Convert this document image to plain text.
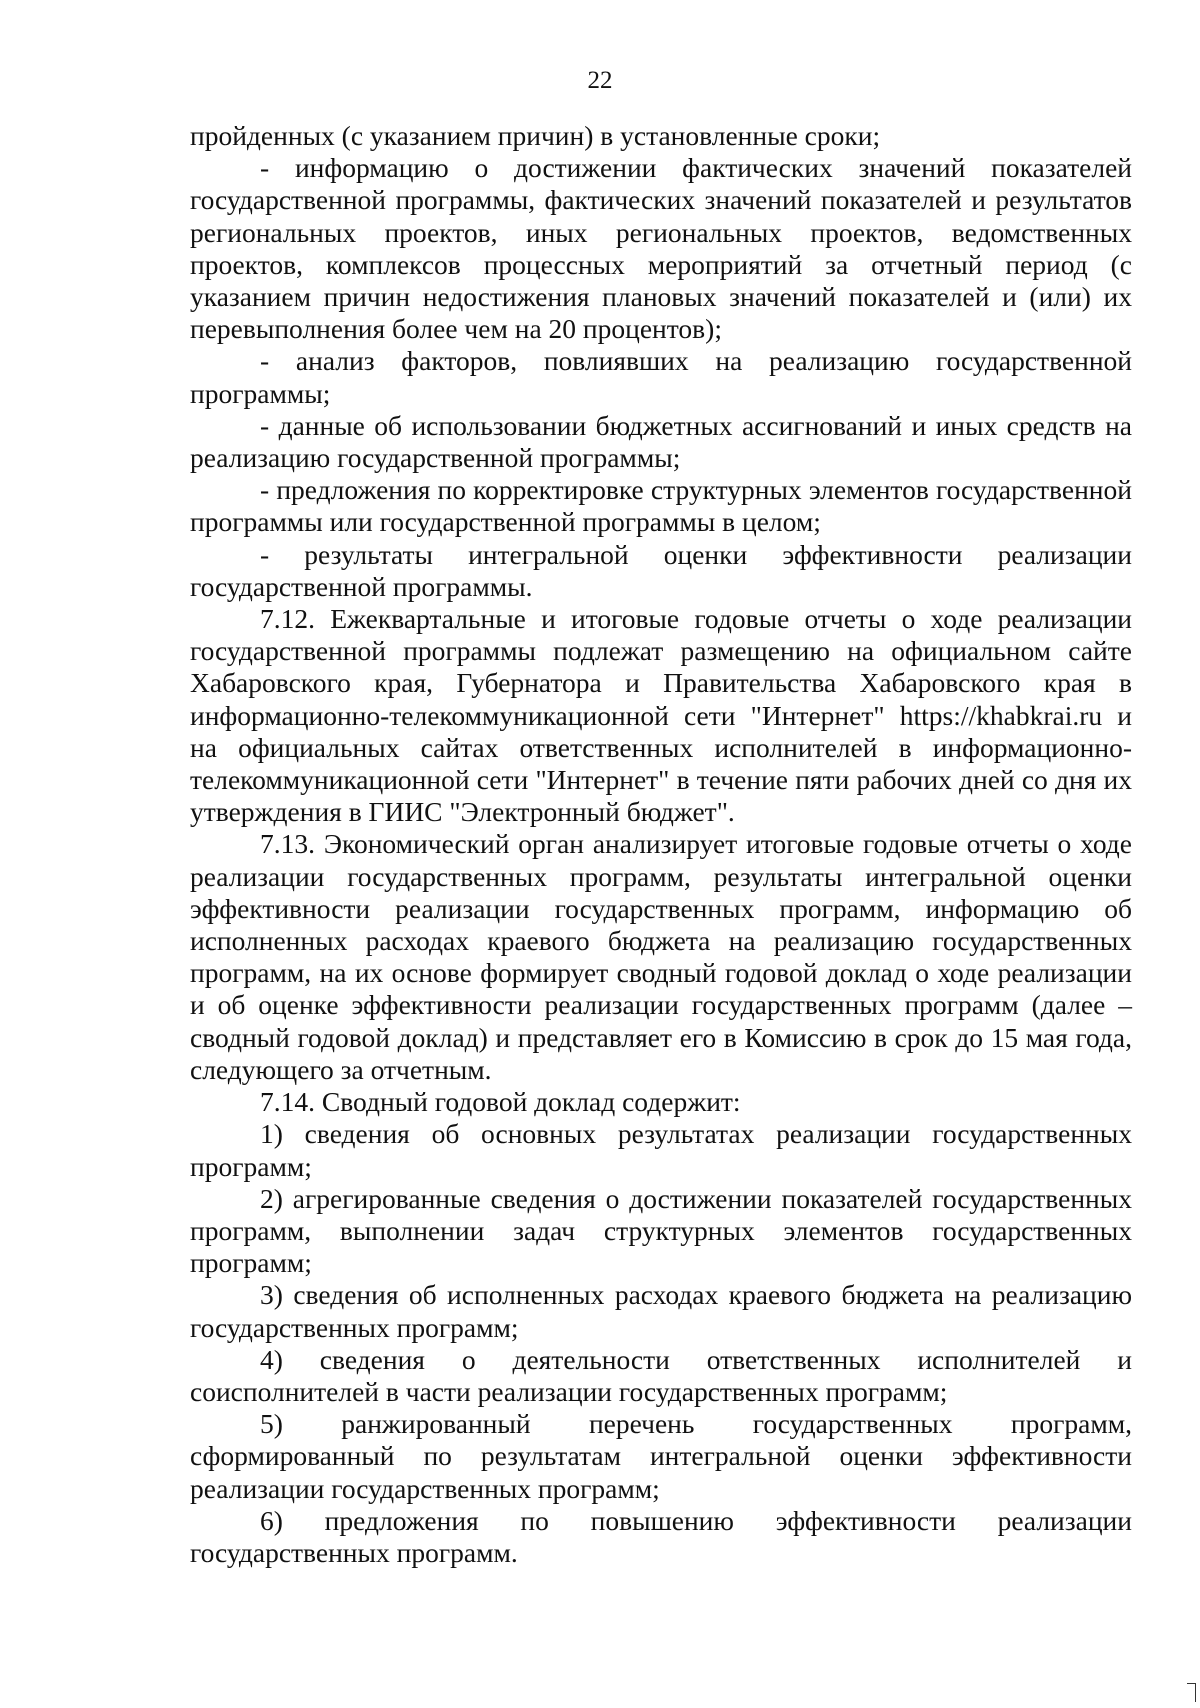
22

пройденных (с указанием причин) в установленные сроки;

- информацию о достижении фактических значений показателей государственной программы, фактических значений показателей и результатов региональных проектов, иных региональных проектов, ведомственных проектов, комплексов процессных мероприятий за отчетный период (с указанием причин недостижения плановых значений показателей и (или) их перевыполнения более чем на 20 процентов);

- анализ факторов, повлиявших на реализацию государственной программы;

- данные об использовании бюджетных ассигнований и иных средств на реализацию государственной программы;

- предложения по корректировке структурных элементов государственной программы или государственной программы в целом;

- результаты интегральной оценки эффективности реализации государственной программы.

7.12. Ежеквартальные и итоговые годовые отчеты о ходе реализации государственной программы подлежат размещению на официальном сайте Хабаровского края, Губернатора и Правительства Хабаровского края в информационно-телекоммуникационной сети "Интернет" https://khabkrai.ru и на официальных сайтах ответственных исполнителей в информационно-телекоммуникационной сети "Интернет" в течение пяти рабочих дней со дня их утверждения в ГИИС "Электронный бюджет".

7.13. Экономический орган анализирует итоговые годовые отчеты о ходе реализации государственных программ, результаты интегральной оценки эффективности реализации государственных программ, информацию об исполненных расходах краевого бюджета на реализацию государственных программ, на их основе формирует сводный годовой доклад о ходе реализации и об оценке эффективности реализации государственных программ (далее – сводный годовой доклад) и представляет его в Комиссию в срок до 15 мая года, следующего за отчетным.

7.14. Сводный годовой доклад содержит:

1) сведения об основных результатах реализации государственных программ;

2) агрегированные сведения о достижении показателей государственных программ, выполнении задач структурных элементов государственных программ;

3) сведения об исполненных расходах краевого бюджета на реализацию государственных программ;

4) сведения о деятельности ответственных исполнителей и соисполнителей в части реализации государственных программ;

5) ранжированный перечень государственных программ, сформированный по результатам интегральной оценки эффективности реализации государственных программ;

6) предложения по повышению эффективности реализации государственных программ.
